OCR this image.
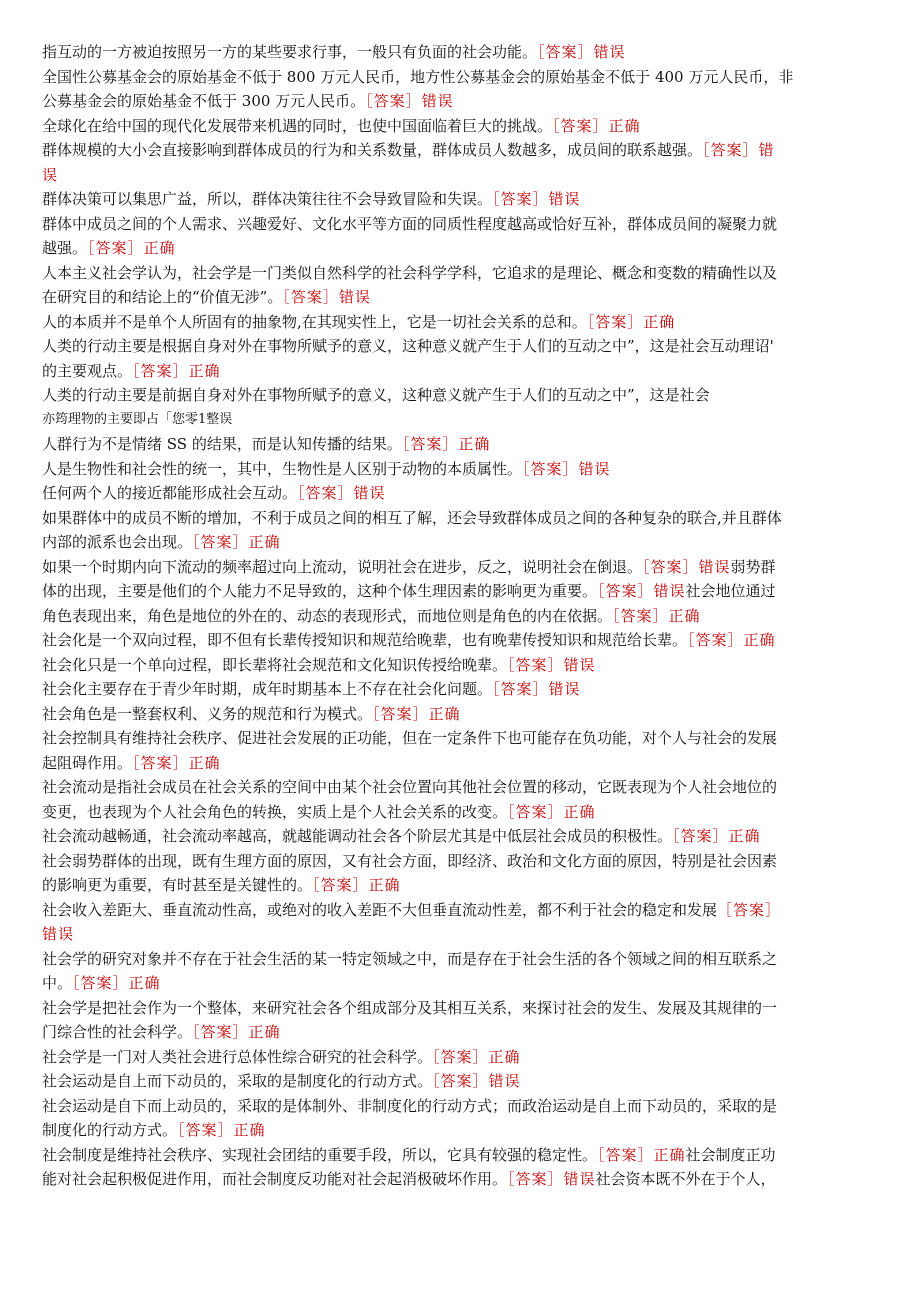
指互动的一方被迫按照另一方的某些要求行事，一般只有负面的社会功能。［答案］错误
全国性公募基金会的原始基金不低于 800 万元人民币，地方性公募基金会的原始基金不低于 400 万元人民币，非
公募基金会的原始基金不低于 300 万元人民币。［答案］错误
全球化在给中国的现代化发展带来机遇的同时，也使中国面临着巨大的挑战。［答案］正确
群体规模的大小会直接影响到群体成员的行为和关系数量，群体成员人数越多，成员间的联系越强。［答案］错
误
群体决策可以集思广益，所以，群体决策往往不会导致冒险和失误。［答案］错误
群体中成员之间的个人需求、兴趣爱好、文化水平等方面的同质性程度越高或恰好互补，群体成员间的凝聚力就
越强。［答案］正确
人本主义社会学认为，社会学是一门类似自然科学的社会科学学科，它追求的是理论、概念和变数的精确性以及
在研究目的和结论上的“价值无涉”。［答案］错误
人的本质并不是单个人所固有的抽象物,在其现实性上，它是一切社会关系的总和。［答案］正确
人类的行动主要是根据自身对外在事物所赋予的意义，这种意义就产生于人们的互动之中”，这是社会互动理诏'
的主要观点。［答案］正确
人类的行动主要是前据自身对外在事物所赋予的意义，这种意义就产生于人们的互动之中”，这是社会
亦筠理物的主要即占「您零1整误
人群行为不是情绪 SS 的结果，而是认知传播的结果。［答案］正确
人是生物性和社会性的统一，其中，生物性是人区别于动物的本质属性。［答案］错误
任何两个人的接近都能形成社会互动。［答案］错误
如果群体中的成员不断的增加，不利于成员之间的相互了解，还会导致群体成员之间的各种复杂的联合,并且群体
内部的派系也会出现。［答案］正确
如果一个时期内向下流动的频率超过向上流动，说明社会在进步，反之，说明社会在倒退。［答案］错误弱势群
体的出现，主要是他们的个人能力不足导致的，这种个体生理因素的影响更为重要。［答案］错误社会地位通过
角色表现出来，角色是地位的外在的、动态的表现形式，而地位则是角色的内在依据。［答案］正确
社会化是一个双向过程，即不但有长辈传授知识和规范给晚辈，也有晚辈传授知识和规范给长辈。［答案］正确
社会化只是一个单向过程，即长辈将社会规范和文化知识传授给晚辈。［答案］错误
社会化主要存在于青少年时期，成年时期基本上不存在社会化问题。［答案］错误
社会角色是一整套权利、义务的规范和行为模式。［答案］正确
社会控制具有维持社会秩序、促进社会发展的正功能，但在一定条件下也可能存在负功能，对个人与社会的发展
起阻碍作用。［答案］正确
社会流动是指社会成员在社会关系的空间中由某个社会位置向其他社会位置的移动，它既表现为个人社会地位的
变更，也表现为个人社会角色的转换，实质上是个人社会关系的改变。［答案］正确
社会流动越畅通，社会流动率越高，就越能调动社会各个阶层尤其是中低层社会成员的积极性。［答案］正确
社会弱势群体的出现，既有生理方面的原因，又有社会方面，即经济、政治和文化方面的原因，特别是社会因素
的影响更为重要，有时甚至是关键性的。［答案］正确
社会收入差距大、垂直流动性高，或绝对的收入差距不大但垂直流动性差，都不利于社会的稳定和发展［答案］
错误
社会学的研究对象并不存在于社会生活的某一特定领域之中，而是存在于社会生活的各个领域之间的相互联系之
中。［答案］正确
社会学是把社会作为一个整体，来研究社会各个组成部分及其相互关系，来探讨社会的发生、发展及其规律的一
门综合性的社会科学。［答案］正确
社会学是一门对人类社会进行总体性综合研究的社会科学。［答案］正确
社会运动是自上而下动员的，采取的是制度化的行动方式。［答案］错误
社会运动是自下而上动员的，采取的是体制外、非制度化的行动方式；而政治运动是自上而下动员的，采取的是
制度化的行动方式。［答案］正确
社会制度是维持社会秩序、实现社会团结的重要手段，所以，它具有较强的稳定性。［答案］正确社会制度正功
能对社会起积极促进作用，而社会制度反功能对社会起消极破坏作用。［答案］错误社会资本既不外在于个人，
